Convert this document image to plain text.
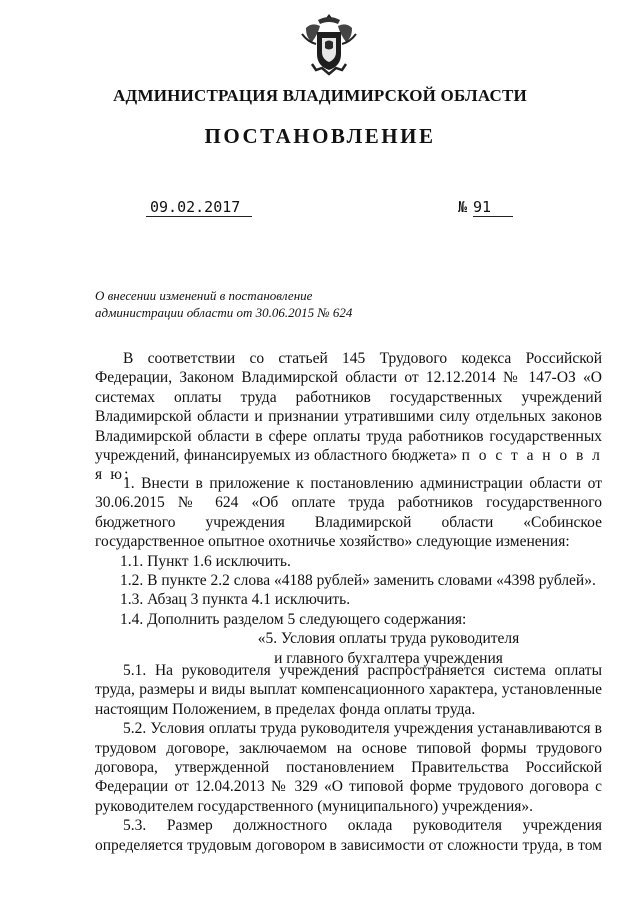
АДМИНИСТРАЦИЯ ВЛАДИМИРСКОЙ ОБЛАСТИ
ПОСТАНОВЛЕНИЕ
09.02.2017	№ 91
О внесении изменений в постановление
администрации области от 30.06.2015 № 624

В соответствии со статьей 145 Трудового кодекса Российской Федерации, Законом Владимирской области от 12.12.2014 № 147-ОЗ «О системах оплаты труда работников государственных учреждений Владимирской области и признании утратившими силу отдельных законов Владимирской области в сфере оплаты труда работников государственных учреждений, финансируемых из областного бюджета» п о с т а н о в л я ю:

1. Внести в приложение к постановлению администрации области от 30.06.2015 № 624 «Об оплате труда работников государственного бюджетного учреждения Владимирской области «Собинское государственное опытное охотничье хозяйство» следующие изменения:

1.1. Пункт 1.6 исключить.

1.2. В пункте 2.2 слова «4188 рублей» заменить словами «4398 рублей».

1.3. Абзац 3 пункта 4.1 исключить.

1.4. Дополнить разделом 5 следующего содержания:

«5. Условия оплаты труда руководителя

и главного бухгалтера учреждения

5.1. На руководителя учреждения распространяется система оплаты труда, размеры и виды выплат компенсационного характера, установленные настоящим Положением, в пределах фонда оплаты труда.

5.2. Условия оплаты труда руководителя учреждения устанавливаются в трудовом договоре, заключаемом на основе типовой формы трудового договора, утвержденной постановлением Правительства Российской Федерации от 12.04.2013 № 329 «О типовой форме трудового договора с руководителем государственного (муниципального) учреждения».

5.3. Размер должностного оклада руководителя учреждения определяется трудовым договором в зависимости от сложности труда, в том
